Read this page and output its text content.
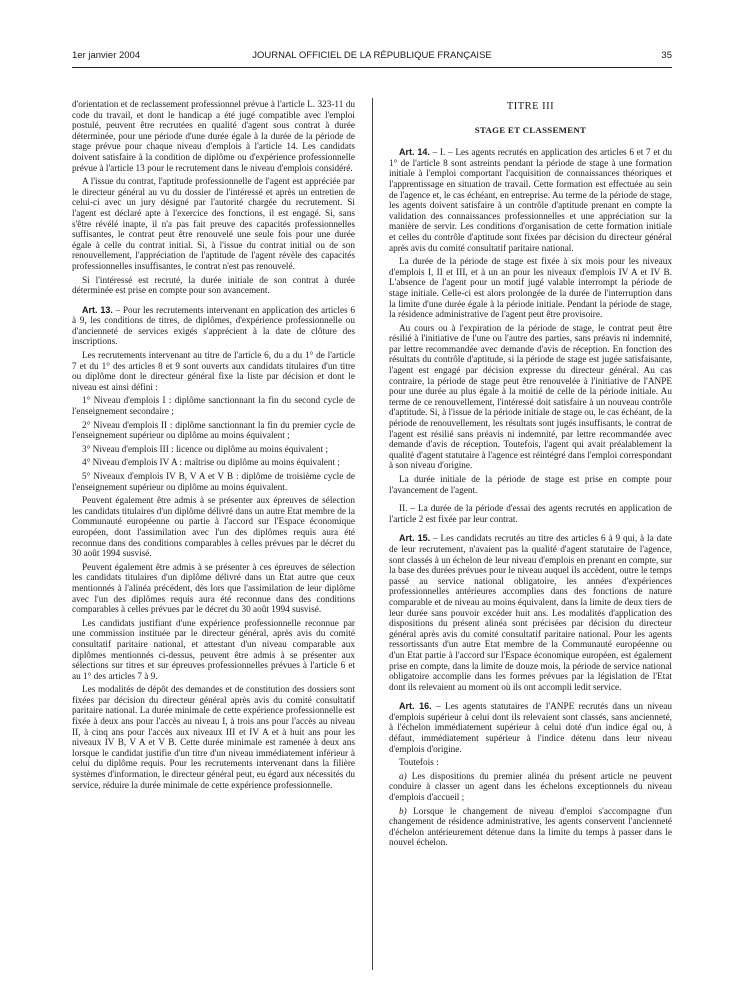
1er janvier 2004	JOURNAL OFFICIEL DE LA RÉPUBLIQUE FRANÇAISE	35

d'orientation et de reclassement professionnel prévue à l'article L. 323-11 du code du travail, et dont le handicap a été jugé compatible avec l'emploi postulé, peuvent être recrutées en qualité d'agent sous contrat à durée déterminée, pour une période d'une durée égale à la durée de la période de stage prévue pour chaque niveau d'emplois à l'article 14. Les candidats doivent satisfaire à la condition de diplôme ou d'expérience professionnelle prévue à l'article 13 pour le recrutement dans le niveau d'emplois considéré.

A l'issue du contrat, l'aptitude professionnelle de l'agent est appréciée par le directeur général au vu du dossier de l'intéressé et après un entretien de celui-ci avec un jury désigné par l'autorité chargée du recrutement. Si l'agent est déclaré apte à l'exercice des fonctions, il est engagé. Si, sans s'être révélé inapte, il n'a pas fait preuve des capacités professionnelles suffisantes, le contrat peut être renouvelé une seule fois pour une durée égale à celle du contrat initial. Si, à l'issue du contrat initial ou de son renouvellement, l'appréciation de l'aptitude de l'agent révèle des capacités professionnelles insuffisantes, le contrat n'est pas renouvelé.

Si l'intéressé est recruté, la durée initiale de son contrat à durée déterminée est prise en compte pour son avancement.

Art. 13. – Pour les recrutements intervenant en application des articles 6 à 9, les conditions de titres, de diplômes, d'expérience professionnelle ou d'ancienneté de services exigés s'apprécient à la date de clôture des inscriptions.

Les recrutements intervenant au titre de l'article 6, du a du 1° de l'article 7 et du 1° des articles 8 et 9 sont ouverts aux candidats titulaires d'un titre ou diplôme dont le directeur général fixe la liste par décision et dont le niveau est ainsi défini :

1° Niveau d'emplois I : diplôme sanctionnant la fin du second cycle de l'enseignement secondaire ;

2° Niveau d'emplois II : diplôme sanctionnant la fin du premier cycle de l'enseignement supérieur ou diplôme au moins équivalent ;

3° Niveau d'emplois III : licence ou diplôme au moins équivalent ;

4° Niveau d'emplois IV A : maîtrise ou diplôme au moins équivalent ;

5° Niveaux d'emplois IV B, V A et V B : diplôme de troisième cycle de l'enseignement supérieur ou diplôme au moins équivalent.

Peuvent également être admis à se présenter aux épreuves de sélection les candidats titulaires d'un diplôme délivré dans un autre Etat membre de la Communauté européenne ou partie à l'accord sur l'Espace économique européen, dont l'assimilation avec l'un des diplômes requis aura été reconnue dans des conditions comparables à celles prévues par le décret du 30 août 1994 susvisé.

Peuvent également être admis à se présenter à ces épreuves de sélection les candidats titulaires d'un diplôme délivré dans un Etat autre que ceux mentionnés à l'alinéa précédent, dès lors que l'assimilation de leur diplôme avec l'un des diplômes requis aura été reconnue dans des conditions comparables à celles prévues par le décret du 30 août 1994 susvisé.

Les candidats justifiant d'une expérience professionnelle reconnue par une commission instituée par le directeur général, après avis du comité consultatif paritaire national, et attestant d'un niveau comparable aux diplômes mentionnés ci-dessus, peuvent être admis à se présenter aux sélections sur titres et sur épreuves professionnelles prévues à l'article 6 et au 1° des articles 7 à 9.

Les modalités de dépôt des demandes et de constitution des dossiers sont fixées par décision du directeur général après avis du comité consultatif paritaire national. La durée minimale de cette expérience professionnelle est fixée à deux ans pour l'accès au niveau I, à trois ans pour l'accès au niveau II, à cinq ans pour l'accès aux niveaux III et IV A et à huit ans pour les niveaux IV B, V A et V B. Cette durée minimale est ramenée à deux ans lorsque le candidat justifie d'un titre d'un niveau immédiatement inférieur à celui du diplôme requis. Pour les recrutements intervenant dans la filière systèmes d'information, le directeur général peut, eu égard aux nécessités du service, réduire la durée minimale de cette expérience professionnelle.

TITRE III
STAGE ET CLASSEMENT

Art. 14. – I. – Les agents recrutés en application des articles 6 et 7 et du 1° de l'article 8 sont astreints pendant la période de stage à une formation initiale à l'emploi comportant l'acquisition de connaissances théoriques et l'apprentissage en situation de travail. Cette formation est effectuée au sein de l'agence et, le cas échéant, en entreprise. Au terme de la période de stage, les agents doivent satisfaire à un contrôle d'aptitude prenant en compte la validation des connaissances professionnelles et une appréciation sur la manière de servir. Les conditions d'organisation de cette formation initiale et celles du contrôle d'aptitude sont fixées par décision du directeur général après avis du comité consultatif paritaire national.

La durée de la période de stage est fixée à six mois pour les niveaux d'emplois I, II et III, et à un an pour les niveaux d'emplois IV A et IV B. L'absence de l'agent pour un motif jugé valable interrompt la période de stage initiale. Celle-ci est alors prolongée de la durée de l'interruption dans la limite d'une durée égale à la période initiale. Pendant la période de stage, la résidence administrative de l'agent peut être provisoire.

Au cours ou à l'expiration de la période de stage, le contrat peut être résilié à l'initiative de l'une ou l'autre des parties, sans préavis ni indemnité, par lettre recommandée avec demande d'avis de réception. En fonction des résultats du contrôle d'aptitude, si la période de stage est jugée satisfaisante, l'agent est engagé par décision expresse du directeur général. Au cas contraire, la période de stage peut être renouvelée à l'initiative de l'ANPE pour une durée au plus égale à la moitié de celle de la période initiale. Au terme de ce renouvellement, l'intéressé doit satisfaire à un nouveau contrôle d'aptitude. Si, à l'issue de la période initiale de stage ou, le cas échéant, de la période de renouvellement, les résultats sont jugés insuffisants, le contrat de l'agent est résilié sans préavis ni indemnité, par lettre recommandée avec demande d'avis de réception. Toutefois, l'agent qui avait préalablement la qualité d'agent statutaire à l'agence est réintégré dans l'emploi correspondant à son niveau d'origine.

La durée initiale de la période de stage est prise en compte pour l'avancement de l'agent.

II. – La durée de la période d'essai des agents recrutés en application de l'article 2 est fixée par leur contrat.

Art. 15. – Les candidats recrutés au titre des articles 6 à 9 qui, à la date de leur recrutement, n'avaient pas la qualité d'agent statutaire de l'agence, sont classés à un échelon de leur niveau d'emplois en prenant en compte, sur la base des durées prévues pour le niveau auquel ils accèdent, outre le temps passé au service national obligatoire, les années d'expériences professionnelles antérieures accomplies dans des fonctions de nature comparable et de niveau au moins équivalent, dans la limite de deux tiers de leur durée sans pouvoir excéder huit ans. Les modalités d'application des dispositions du présent alinéa sont précisées par décision du directeur général après avis du comité consultatif paritaire national. Pour les agents ressortissants d'un autre Etat membre de la Communauté européenne ou d'un Etat partie à l'accord sur l'Espace économique européen, est également prise en compte, dans la limite de douze mois, la période de service national obligatoire accomplie dans les formes prévues par la législation de l'Etat dont ils relevaient au moment où ils ont accompli ledit service.

Art. 16. – Les agents statutaires de l'ANPE recrutés dans un niveau d'emplois supérieur à celui dont ils relevaient sont classés, sans ancienneté, à l'échelon immédiatement supérieur à celui doté d'un indice égal ou, à défaut, immédiatement supérieur à l'indice détenu dans leur niveau d'emplois d'origine.

Toutefois :

a) Les dispositions du premier alinéa du présent article ne peuvent conduire à classer un agent dans les échelons exceptionnels du niveau d'emplois d'accueil ;

b) Lorsque le changement de niveau d'emploi s'accompagne d'un changement de résidence administrative, les agents conservent l'ancienneté d'échelon antérieurement détenue dans la limite du temps à passer dans le nouvel échelon.
